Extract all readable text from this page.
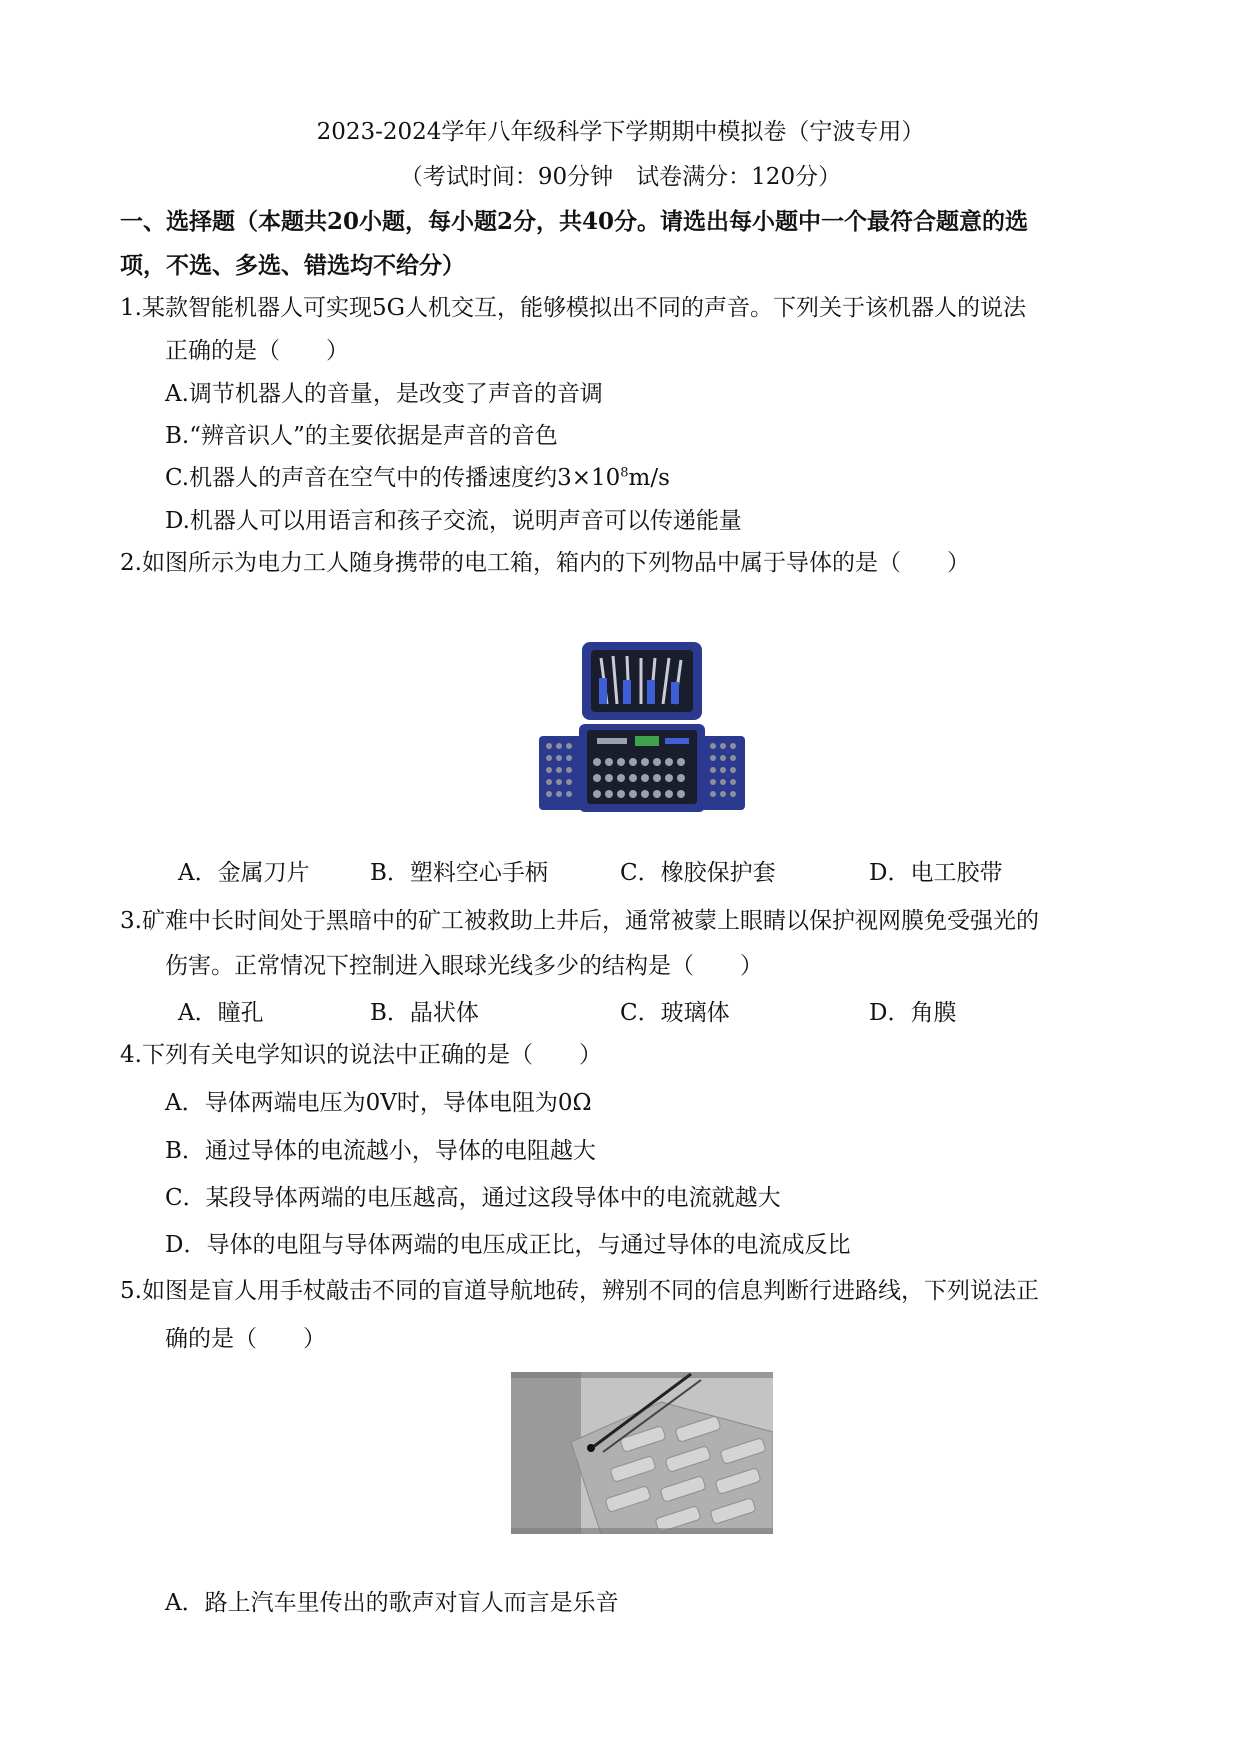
2023-2024学年八年级科学下学期期中模拟卷（宁波专用）
（考试时间：90分钟　试卷满分：120分）
一、选择题（本题共20小题，每小题2分，共40分。请选出每小题中一个最符合题意的选
项，不选、多选、错选均不给分）
1.某款智能机器人可实现5G人机交互，能够模拟出不同的声音。下列关于该机器人的说法
正确的是（　　）
A.调节机器人的音量，是改变了声音的音调
B.“辨音识人”的主要依据是声音的音色
C.机器人的声音在空气中的传播速度约$3\times 10^8m/s$
D.机器人可以用语言和孩子交流，说明声音可以传递能量
2.如图所示为电力工人随身携带的电工箱，箱内的下列物品中属于导体的是（　　）
A．金属刀片	B．塑料空心手柄	C．橡胶保护套	D．电工胶带
3.矿难中长时间处于黑暗中的矿工被救助上井后，通常被蒙上眼睛以保护视网膜免受强光的
伤害。正常情况下控制进入眼球光线多少的结构是（　　）
A．瞳孔	B．晶状体	C．玻璃体	D．角膜
4.下列有关电学知识的说法中正确的是（　　）
A．导体两端电压为0V时，导体电阻为0Ω
B．通过导体的电流越小，导体的电阻越大
C．某段导体两端的电压越高，通过这段导体中的电流就越大
D．导体的电阻与导体两端的电压成正比，与通过导体的电流成反比
5.如图是盲人用手杖敲击不同的盲道导航地砖，辨别不同的信息判断行进路线，下列说法正
确的是（　　）
A．路上汽车里传出的歌声对盲人而言是乐音
